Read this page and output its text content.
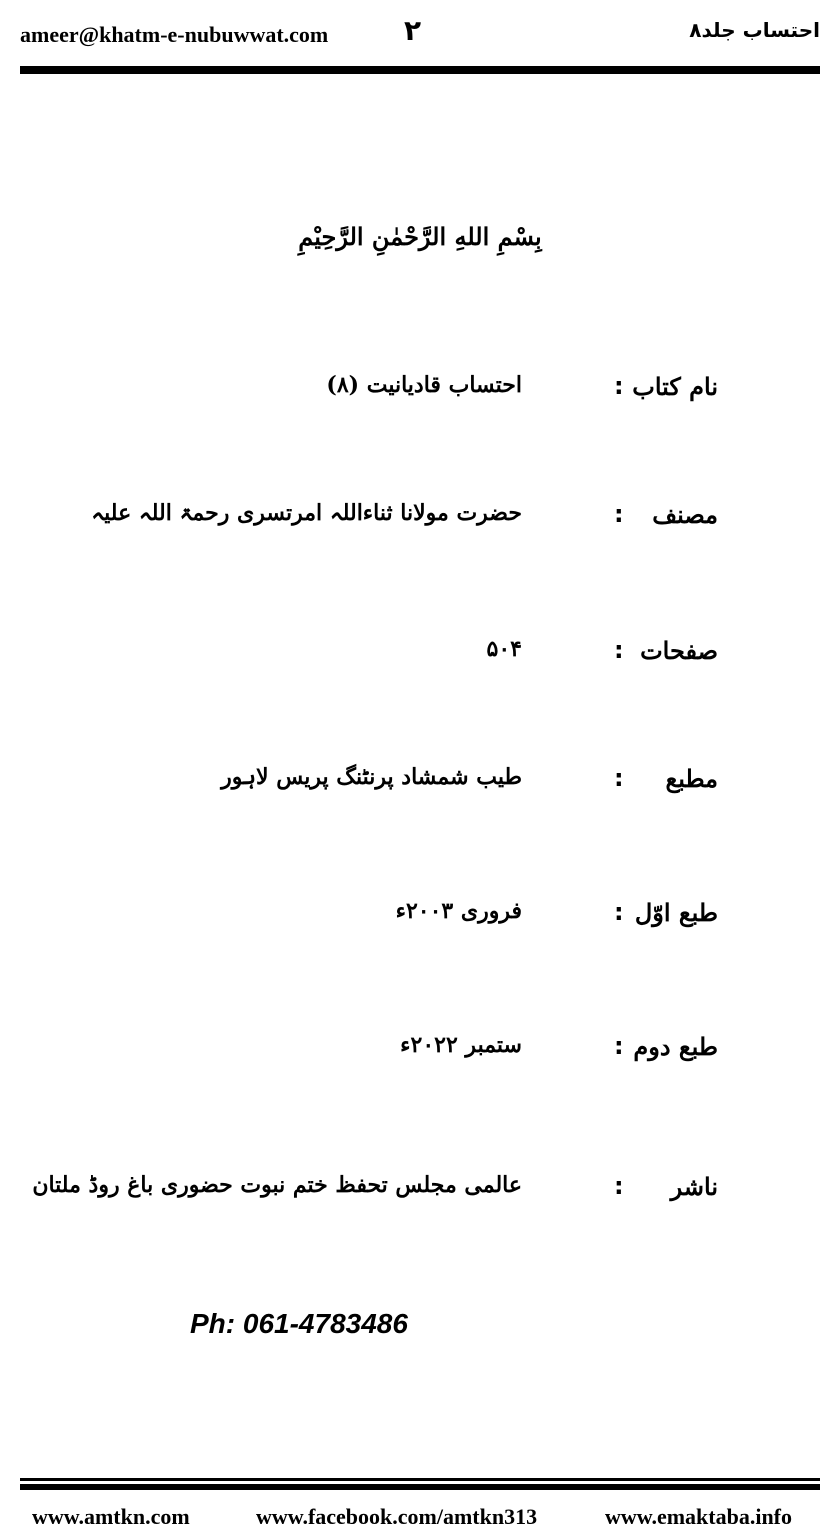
ameer@khatm-e-nubuwwat.com	۲	احتساب جلد۸
بِسْمِ اللهِ الرَّحْمٰنِ الرَّحِيْمِ
نام کتاب
:
احتساب قادیانیت (۸)
مصنف
:
حضرت مولانا ثناءاللہ امرتسری رحمۃ اللہ علیہ
صفحات
:
۵۰۴
مطبع
:
طیب شمشاد پرنٹنگ پریس لاہور
طبع اوّل
:
فروری ۲۰۰۳ء
طبع دوم
:
ستمبر ۲۰۲۲ء
ناشر
:
عالمی مجلس تحفظ ختم نبوت حضوری باغ روڈ ملتان
Ph: 061-4783486
www.amtkn.com	www.facebook.com/amtkn313	www.emaktaba.info
